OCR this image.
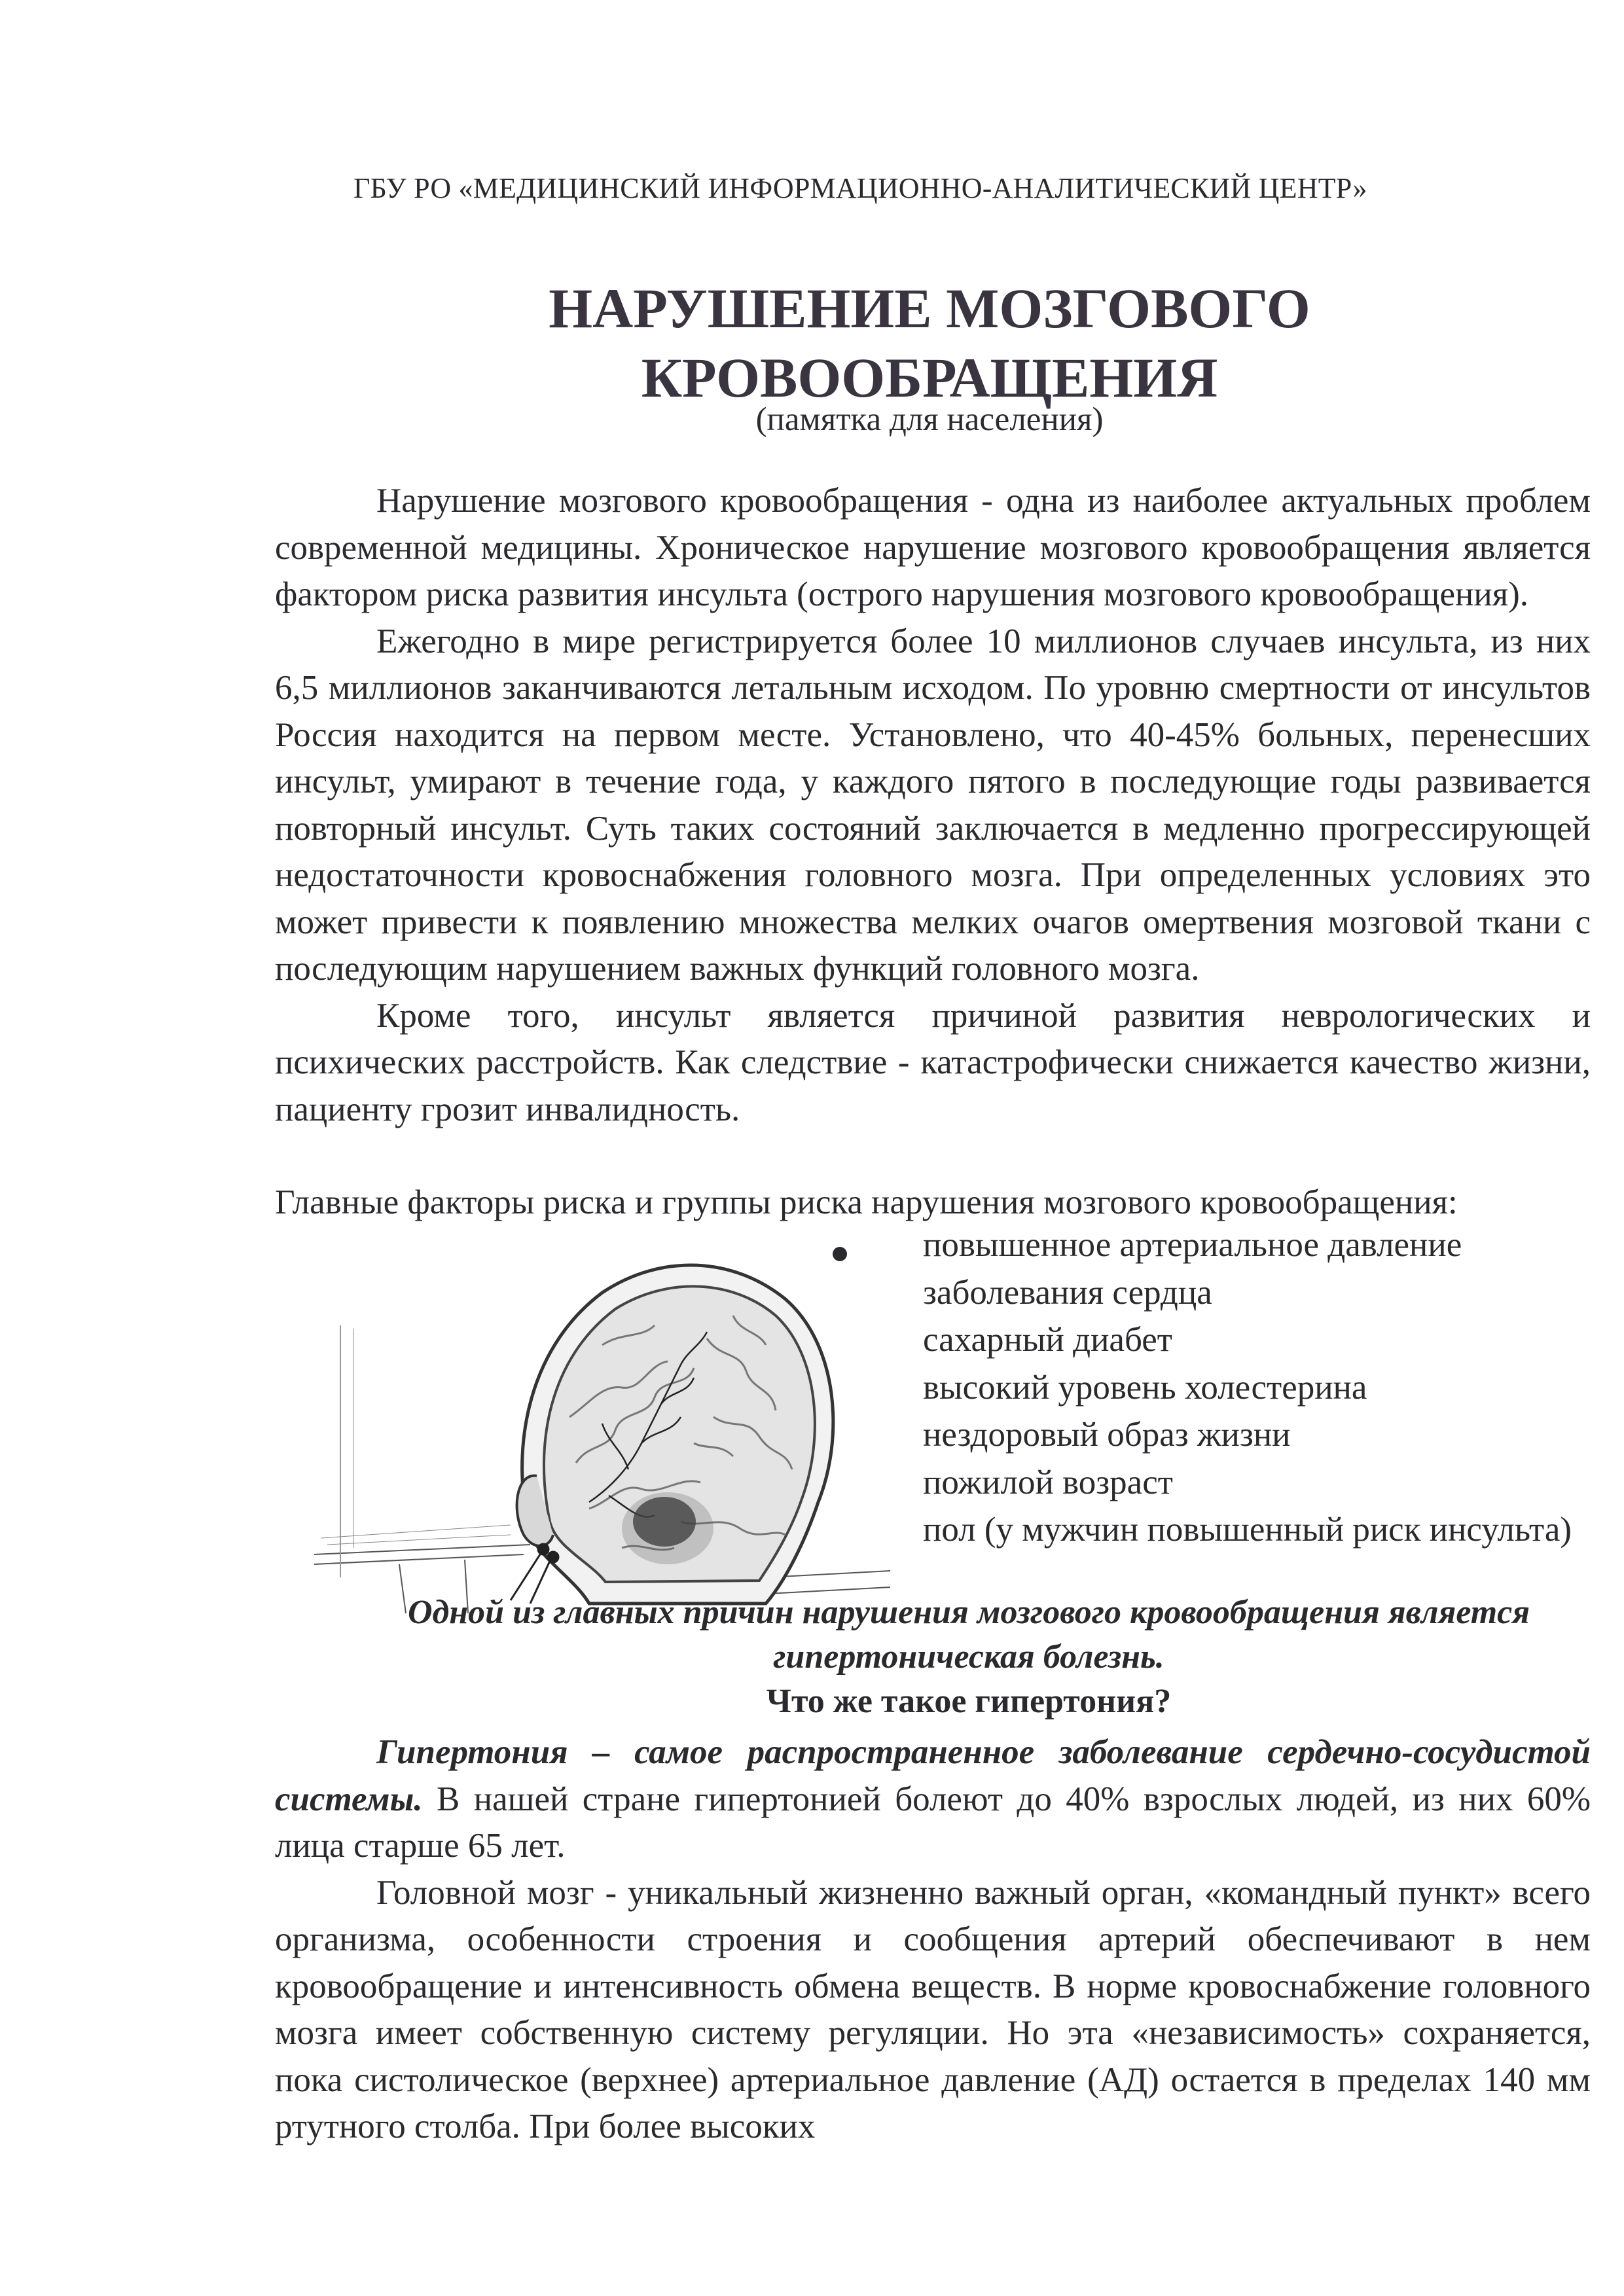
ГБУ РО «МЕДИЦИНСКИЙ ИНФОРМАЦИОННО-АНАЛИТИЧЕСКИЙ ЦЕНТР»
НАРУШЕНИЕ МОЗГОВОГО
КРОВООБРАЩЕНИЯ
(памятка для населения)

Нарушение мозгового кровообращения - одна из наиболее актуальных проблем современной медицины. Хроническое нарушение мозгового кровообращения является фактором риска развития инсульта (острого нарушения мозгового кровообращения).

Ежегодно в мире регистрируется более 10 миллионов случаев инсульта, из них 6,5 миллионов заканчиваются летальным исходом. По уровню смертности от инсультов Россия находится на первом месте. Установлено, что 40-45% больных, перенесших инсульт, умирают в течение года, у каждого пятого в последующие годы развивается повторный инсульт. Суть таких состояний заключается в медленно прогрессирующей недостаточности кровоснабжения головного мозга. При определенных условиях это может привести к появлению множества мелких очагов омертвения мозговой ткани с последующим нарушением важных функций головного мозга.

Кроме того, инсульт является причиной развития неврологических и психических расстройств. Как следствие - катастрофически снижается качество жизни, пациенту грозит инвалидность.

Главные факторы риска и группы риска нарушения мозгового кровообращения:
повышенное артериальное давление
заболевания сердца
сахарный диабет
высокий уровень холестерина
нездоровый образ жизни
пожилой возраст
пол (у мужчин повышенный риск инсульта)
Одной из главных причин нарушения мозгового кровообращения является гипертоническая болезнь.
Что же такое гипертония?

Гипертония – самое распространенное заболевание сердечно-сосудистой системы. В нашей стране гипертонией болеют до 40% взрослых людей, из них 60% лица старше 65 лет.

Головной мозг - уникальный жизненно важный орган, «командный пункт» всего организма, особенности строения и сообщения артерий обеспечивают в нем кровообращение и интенсивность обмена веществ. В норме кровоснабжение головного мозга имеет собственную систему регуляции. Но эта «независимость» сохраняется, пока систолическое (верхнее) артериальное давление (АД) остается в пределах 140 мм ртутного столба. При более высоких
